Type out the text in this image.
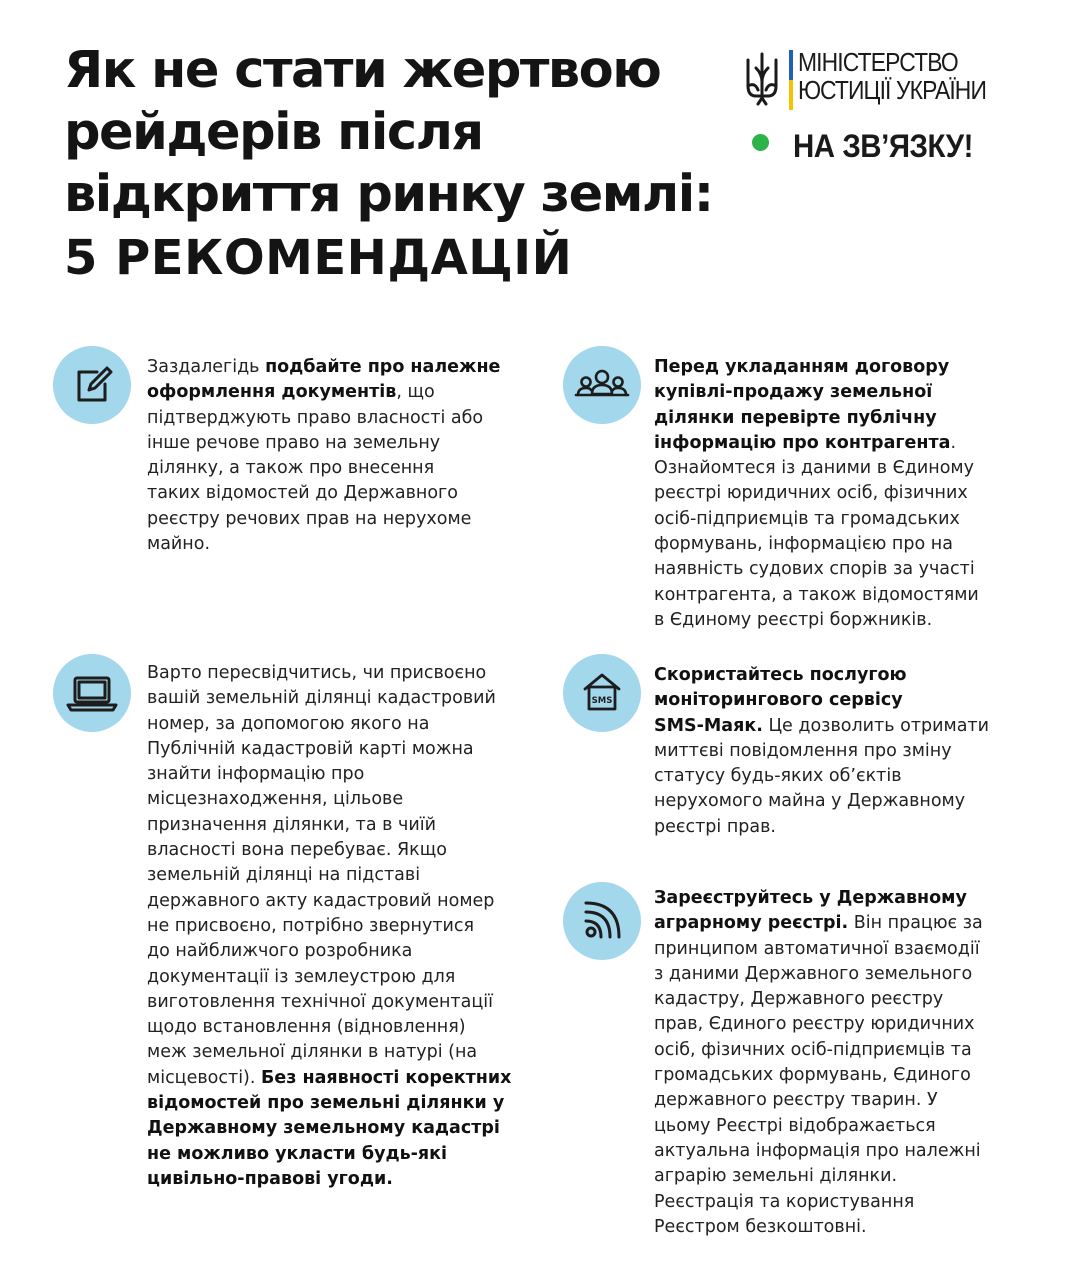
Як не стати жертвою
рейдерів після
відкриття ринку землі:
5 РЕКОМЕНДАЦІЙ
МІНІСТЕРСТВО
ЮСТИЦІЇ УКРАЇНИ
НА ЗВ’ЯЗКУ!

Заздалегідь подбайте про належне
оформлення документів, що
підтверджують право власності або
інше речове право на земельну
ділянку, а також про внесення
таких відомостей до Державного
реєстру речових прав на нерухоме
майно.

Перед укладанням договору
купівлі-продажу земельної
ділянки перевірте публічну
інформацію про контрагента.
Ознайомтеся із даними в Єдиному
реєстрі юридичних осіб, фізичних
осіб-підприємців та громадських
формувань, інформацією про на
наявність судових спорів за участі
контрагента, а також відомостями
в Єдиному реєстрі боржників.

Варто пересвідчитись, чи присвоєно
вашій земельній ділянці кадастровий
номер, за допомогою якого на
Публічній кадастровій карті можна
знайти інформацію про
місцезнаходження, цільове
призначення ділянки, та в чиїй
власності вона перебуває. Якщо
земельній ділянці на підставі
державного акту кадастровий номер
не присвоєно, потрібно звернутися
до найближчого розробника
документації із землеустрою для
виготовлення технічної документації
щодо встановлення (відновлення)
меж земельної ділянки в натурі (на
місцевості). Без наявності коректних
відомостей про земельні ділянки у
Державному земельному кадастрі
не можливо укласти будь-які
цивільно-правові угоди.

SMS

Скористайтесь послугою
моніторингового сервісу
SMS-Маяк. Це дозволить отримати
миттєві повідомлення про зміну
статусу будь-яких об’єктів
нерухомого майна у Державному
реєстрі прав.

Зареєструйтесь у Державному
аграрному реєстрі. Він працює за
принципом автоматичної взаємодії
з даними Державного земельного
кадастру, Державного реєстру
прав, Єдиного реєстру юридичних
осіб, фізичних осіб-підприємців та
громадських формувань, Єдиного
державного реєстру тварин. У
цьому Реєстрі відображається
актуальна інформація про належні
аграрію земельні ділянки.
Реєстрація та користування
Реєстром безкоштовні.
